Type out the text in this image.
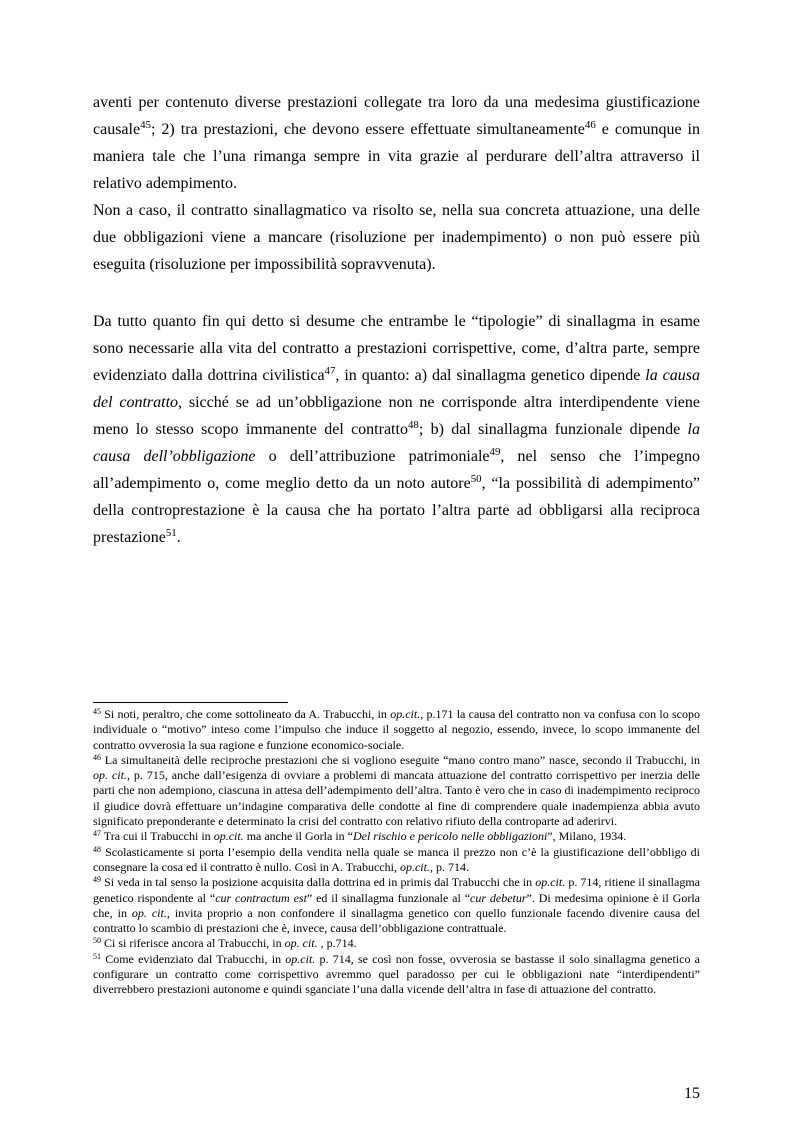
aventi per contenuto diverse prestazioni collegate tra loro da una medesima giustificazione causale$^{45}$; 2) tra prestazioni, che devono essere effettuate simultaneamente$^{46}$ e comunque in maniera tale che l’una rimanga sempre in vita grazie al perdurare dell’altra attraverso il relativo adempimento.

Non a caso, il contratto sinallagmatico va risolto se, nella sua concreta attuazione, una delle due obbligazioni viene a mancare (risoluzione per inadempimento) o non può essere più eseguita (risoluzione per impossibilità sopravvenuta).

Da tutto quanto fin qui detto si desume che entrambe le “tipologie” di sinallagma in esame sono necessarie alla vita del contratto a prestazioni corrispettive, come, d’altra parte, sempre evidenziato dalla dottrina civilistica$^{47}$, in quanto: a) dal sinallagma genetico dipende la causa del contratto, sicché se ad un’obbligazione non ne corrisponde altra interdipendente viene meno lo stesso scopo immanente del contratto$^{48}$; b) dal sinallagma funzionale dipende la causa dell’obbligazione o dell’attribuzione patrimoniale$^{49}$, nel senso che l’impegno all’adempimento o, come meglio detto da un noto autore$^{50}$, “la possibilità di adempimento” della controprestazione è la causa che ha portato l’altra parte ad obbligarsi alla reciproca prestazione$^{51}$.

$^{45}$ Si noti, peraltro, che come sottolineato da A. Trabucchi, in op.cit., p.171 la causa del contratto non va confusa con lo scopo individuale o “motivo” inteso come l’impulso che induce il soggetto al negozio, essendo, invece, lo scopo immanente del contratto ovverosia la sua ragione e funzione economico-sociale.
$^{46}$ La simultaneità delle reciproche prestazioni che si vogliono eseguite “mano contro mano” nasce, secondo il Trabucchi, in op. cit., p. 715, anche dall’esigenza di ovviare a problemi di mancata attuazione del contratto corrispettivo per inerzia delle parti che non adempiono, ciascuna in attesa dell’adempimento dell’altra. Tanto è vero che in caso di inadempimento reciproco il giudice dovrà effettuare un’indagine comparativa delle condotte al fine di comprendere quale inadempienza abbia avuto significato preponderante e determinato la crisi del contratto con relativo rifiuto della controparte ad aderirvi.
$^{47}$ Tra cui il Trabucchi in op.cit. ma anche il Gorla in “Del rischio e pericolo nelle obbligazioni”, Milano, 1934.
$^{48}$ Scolasticamente si porta l’esempio della vendita nella quale se manca il prezzo non c’è la giustificazione dell’obbligo di consegnare la cosa ed il contratto è nullo. Così in A. Trabucchi, op.cit., p. 714.
$^{49}$ Si veda in tal senso la posizione acquisita dalla dottrina ed in primis dal Trabucchi che in op.cit. p. 714, ritiene il sinallagma genetico rispondente al “cur contractum est” ed il sinallagma funzionale al “cur debetur”. Di medesima opinione è il Gorla che, in op. cit., invita proprio a non confondere il sinallagma genetico con quello funzionale facendo divenire causa del contratto lo scambio di prestazioni che è, invece, causa dell’obbligazione contrattuale.
$^{50}$ Ci si riferisce ancora al Trabucchi, in op. cit. , p.714.
$^{51}$ Come evidenziato dal Trabucchi, in op.cit. p. 714, se così non fosse, ovverosia se bastasse il solo sinallagma genetico a configurare un contratto come corrispettivo avremmo quel paradosso per cui le obbligazioni nate “interdipendenti” diverrebbero prestazioni autonome e quindi sganciate l’una dalla vicende dell’altra in fase di attuazione del contratto.
15
